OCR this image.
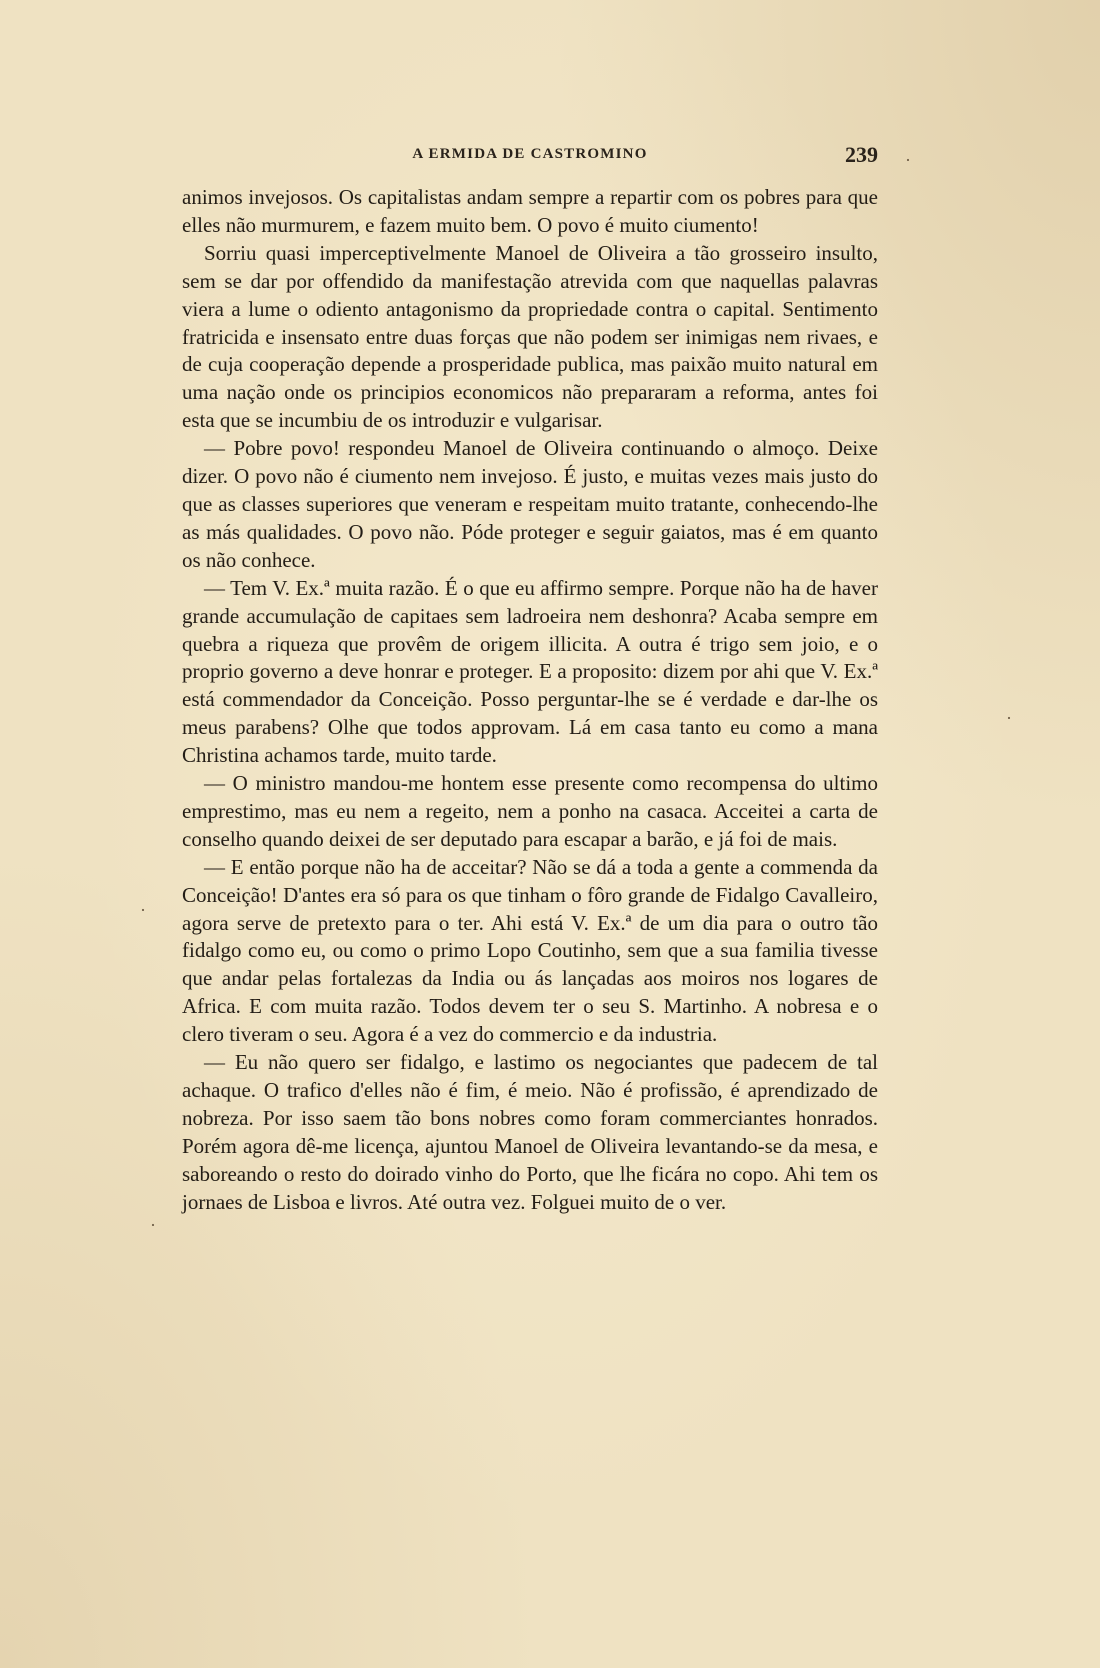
A ERMIDA DE CASTROMINO	239

animos invejosos. Os capitalistas andam sempre a repartir com os pobres para que elles não murmurem, e fazem muito bem. O povo é muito ciumento!

Sorriu quasi imperceptivelmente Manoel de Oliveira a tão grosseiro insulto, sem se dar por offendido da manifestação atrevida com que naquellas palavras viera a lume o odiento antagonismo da propriedade contra o capital. Sentimento fratricida e insensato entre duas forças que não podem ser inimigas nem rivaes, e de cuja cooperação depende a prosperidade publica, mas paixão muito natural em uma nação onde os principios economicos não prepararam a reforma, antes foi esta que se incumbiu de os introduzir e vulgarisar.

— Pobre povo! respondeu Manoel de Oliveira continuando o almoço. Deixe dizer. O povo não é ciumento nem invejoso. É justo, e muitas vezes mais justo do que as classes superiores que veneram e respeitam muito tratante, conhecendo-lhe as más qualidades. O povo não. Póde proteger e seguir gaiatos, mas é em quanto os não conhece.

— Tem V. Ex.ª muita razão. É o que eu affirmo sempre. Porque não ha de haver grande accumulação de capitaes sem ladroeira nem deshonra? Acaba sempre em quebra a riqueza que provêm de origem illicita. A outra é trigo sem joio, e o proprio governo a deve honrar e proteger. E a proposito: dizem por ahi que V. Ex.ª está commendador da Conceição. Posso perguntar-lhe se é verdade e dar-lhe os meus parabens? Olhe que todos approvam. Lá em casa tanto eu como a mana Christina achamos tarde, muito tarde.

— O ministro mandou-me hontem esse presente como recompensa do ultimo emprestimo, mas eu nem a regeito, nem a ponho na casaca. Acceitei a carta de conselho quando deixei de ser deputado para escapar a barão, e já foi de mais.

— E então porque não ha de acceitar? Não se dá a toda a gente a commenda da Conceição! D'antes era só para os que tinham o fôro grande de Fidalgo Cavalleiro, agora serve de pretexto para o ter. Ahi está V. Ex.ª de um dia para o outro tão fidalgo como eu, ou como o primo Lopo Coutinho, sem que a sua familia tivesse que andar pelas fortalezas da India ou ás lançadas aos moiros nos logares de Africa. E com muita razão. Todos devem ter o seu S. Martinho. A nobresa e o clero tiveram o seu. Agora é a vez do commercio e da industria.

— Eu não quero ser fidalgo, e lastimo os negociantes que padecem de tal achaque. O trafico d'elles não é fim, é meio. Não é profissão, é aprendizado de nobreza. Por isso saem tão bons nobres como foram commerciantes honrados. Porém agora dê-me licença, ajuntou Manoel de Oliveira levantando-se da mesa, e saboreando o resto do doirado vinho do Porto, que lhe ficára no copo. Ahi tem os jornaes de Lisboa e livros. Até outra vez. Folguei muito de o ver.

·
·
·
·
